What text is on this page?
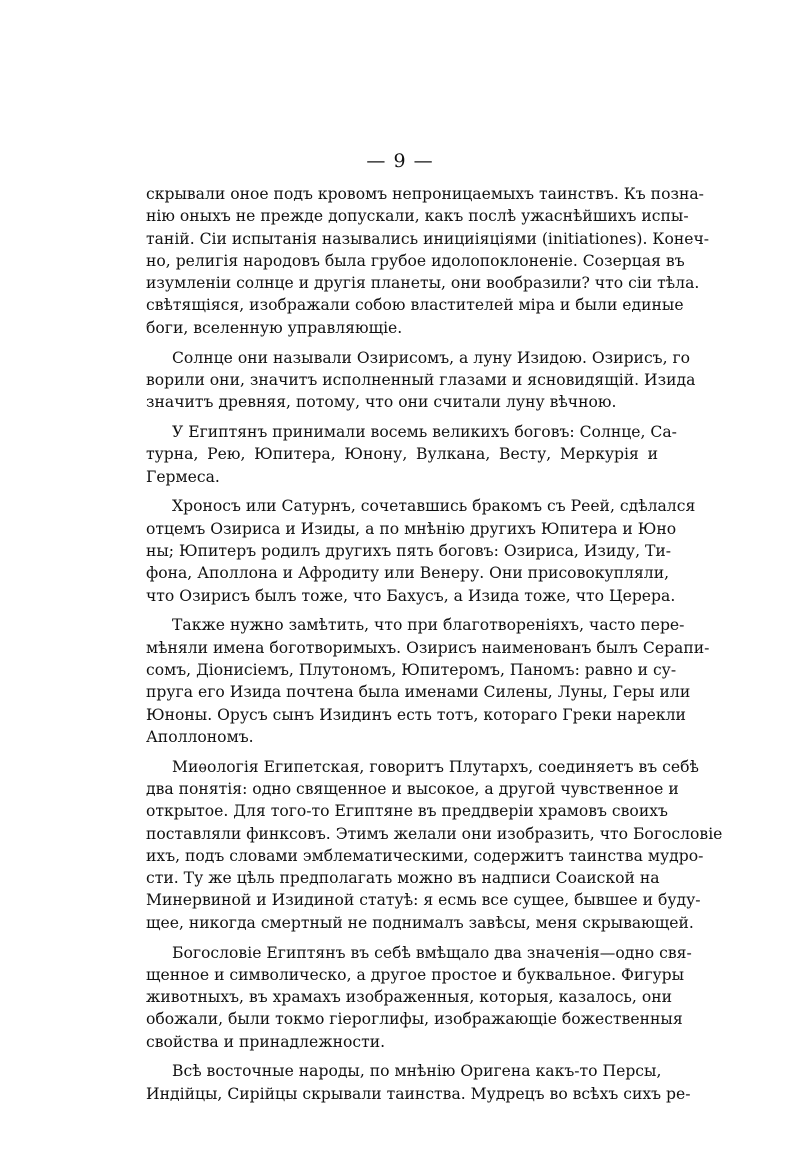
— 9 —

скрывали оное подъ кровомъ непроницаемыхъ таинствъ. Къ позна-
нію оныхъ не прежде допускали, какъ послѣ ужаснѣйшихъ испы-
таній. Сіи испытанія назывались инициіяціями (initiationes). Конеч-
но, религія народовъ была грубое идолопоклоненіе. Созерцая въ
изумленіи солнце и другія планеты, они вообразили? что сіи тѣла.
свѣтящіяся, изображали собою властителей міра и были единые
боги, вселенную управляющіе.

Солнце они называли Озирисомъ, а луну Изидою. Озирисъ, го
ворили они, значитъ исполненный глазами и ясновидящій. Изида
значитъ древняя, потому, что они считали луну вѣчною.

У Египтянъ принимали восемь великихъ боговъ: Солнце, Са-
турна, Рею, Юпитера, Юнону, Вулкана, Весту, Меркурія и
Гермеса.

Хроносъ или Сатурнъ, сочетавшись бракомъ съ Реей, сдѣлался
отцемъ Озириса и Изиды, а по мнѣнію другихъ Юпитера и Юно
ны; Юпитеръ родилъ другихъ пять боговъ: Озириса, Изиду, Ти-
фона, Аполлона и Афродиту или Венеру. Они присовокупляли,
что Озирисъ былъ тоже, что Бахусъ, а Изида тоже, что Церера.

Также нужно замѣтить, что при благотвореніяхъ, часто пере-
мѣняли имена боготворимыхъ. Озирисъ наименованъ былъ Серапи-
сомъ, Діонисіемъ, Плутономъ, Юпитеромъ, Паномъ: равно и су-
пруга его Изида почтена была именами Силены, Луны, Геры или
Юноны. Орусъ сынъ Изидинъ есть тотъ, котораго Греки нарекли
Аполлономъ.

Миѳологія Египетская, говоритъ Плутархъ, соединяетъ въ себѣ
два понятія: одно священное и высокое, а другой чувственное и
открытое. Для того-то Египтяне въ преддверіи храмовъ своихъ
поставляли финксовъ. Этимъ желали они изобразить, что Богословіе
ихъ, подъ словами эмблематическими, содержитъ таинства мудро-
сти. Ту же цѣль предполагать можно въ надписи Соаиской на
Минервиной и Изидиной статуѣ: я есмь все сущее, бывшее и буду-
щее, никогда смертный не поднималъ завѣсы, меня скрывающей.

Богословіе Египтянъ въ себѣ вмѣщало два значенія—одно свя-
щенное и символическо, а другое простое и буквальное. Фигуры
животныхъ, въ храмахъ изображенныя, которыя, казалось, они
обожали, были токмо гіероглифы, изображающіе божественныя
свойства и принадлежности.

Всѣ восточные народы, по мнѣнію Оригена какъ-то Персы,
Индійцы, Сирійцы скрывали таинства. Мудрецъ во всѣхъ сихъ ре-
